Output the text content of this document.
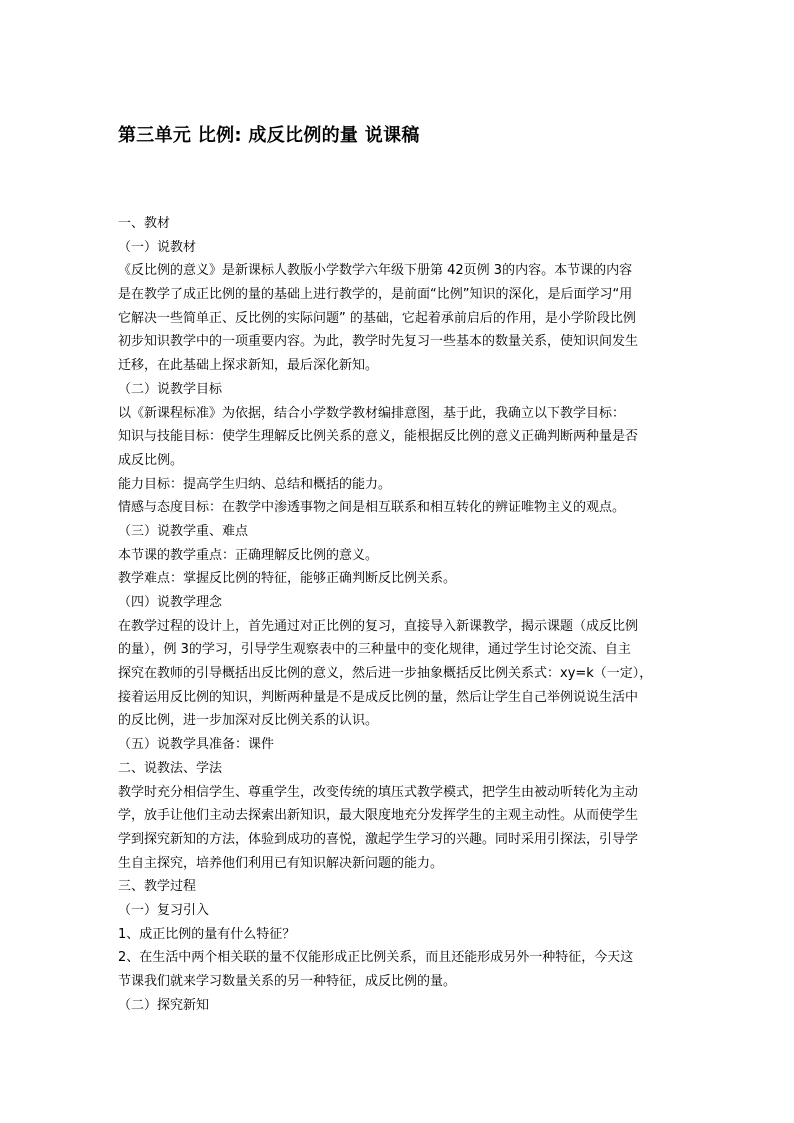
第三单元 比例: 成反比例的量 说课稿
一、教材
（一）说教材
《反比例的意义》是新课标人教版小学数学六年级下册第 42页例 3的内容。本节课的内容
是在教学了成正比例的量的基础上进行教学的，是前面“比例”知识的深化，是后面学习“用
它解决一些简单正、反比例的实际问题” 的基础，它起着承前启后的作用，是小学阶段比例
初步知识教学中的一项重要内容。为此，教学时先复习一些基本的数量关系，使知识间发生
迁移，在此基础上探求新知，最后深化新知。
（二）说教学目标
以《新课程标准》为依据，结合小学数学教材编排意图，基于此，我确立以下教学目标：
知识与技能目标：使学生理解反比例关系的意义，能根据反比例的意义正确判断两种量是否
成反比例。
能力目标：提高学生归纳、总结和概括的能力。
情感与态度目标：在教学中渗透事物之间是相互联系和相互转化的辨证唯物主义的观点。
（三）说教学重、难点
本节课的教学重点：正确理解反比例的意义。
教学难点：掌握反比例的特征，能够正确判断反比例关系。
（四）说教学理念
在教学过程的设计上，首先通过对正比例的复习，直接导入新课教学，揭示课题（成反比例
的量），例 3的学习，引导学生观察表中的三种量中的变化规律，通过学生讨论交流、自主
探究在教师的引导概括出反比例的意义，然后进一步抽象概括反比例关系式：xy=k（一定），
接着运用反比例的知识，判断两种量是不是成反比例的量，然后让学生自己举例说说生活中
的反比例，进一步加深对反比例关系的认识。
（五）说教学具准备：课件
二、说教法、学法
教学时充分相信学生、尊重学生，改变传统的填压式教学模式，把学生由被动听转化为主动
学，放手让他们主动去探索出新知识，最大限度地充分发挥学生的主观主动性。从而使学生
学到探究新知的方法，体验到成功的喜悦，激起学生学习的兴趣。同时采用引探法，引导学
生自主探究，培养他们利用已有知识解决新问题的能力。
三、教学过程
（一）复习引入
1、成正比例的量有什么特征？
2、在生活中两个相关联的量不仅能形成正比例关系，而且还能形成另外一种特征，今天这
节课我们就来学习数量关系的另一种特征，成反比例的量。
（二）探究新知
